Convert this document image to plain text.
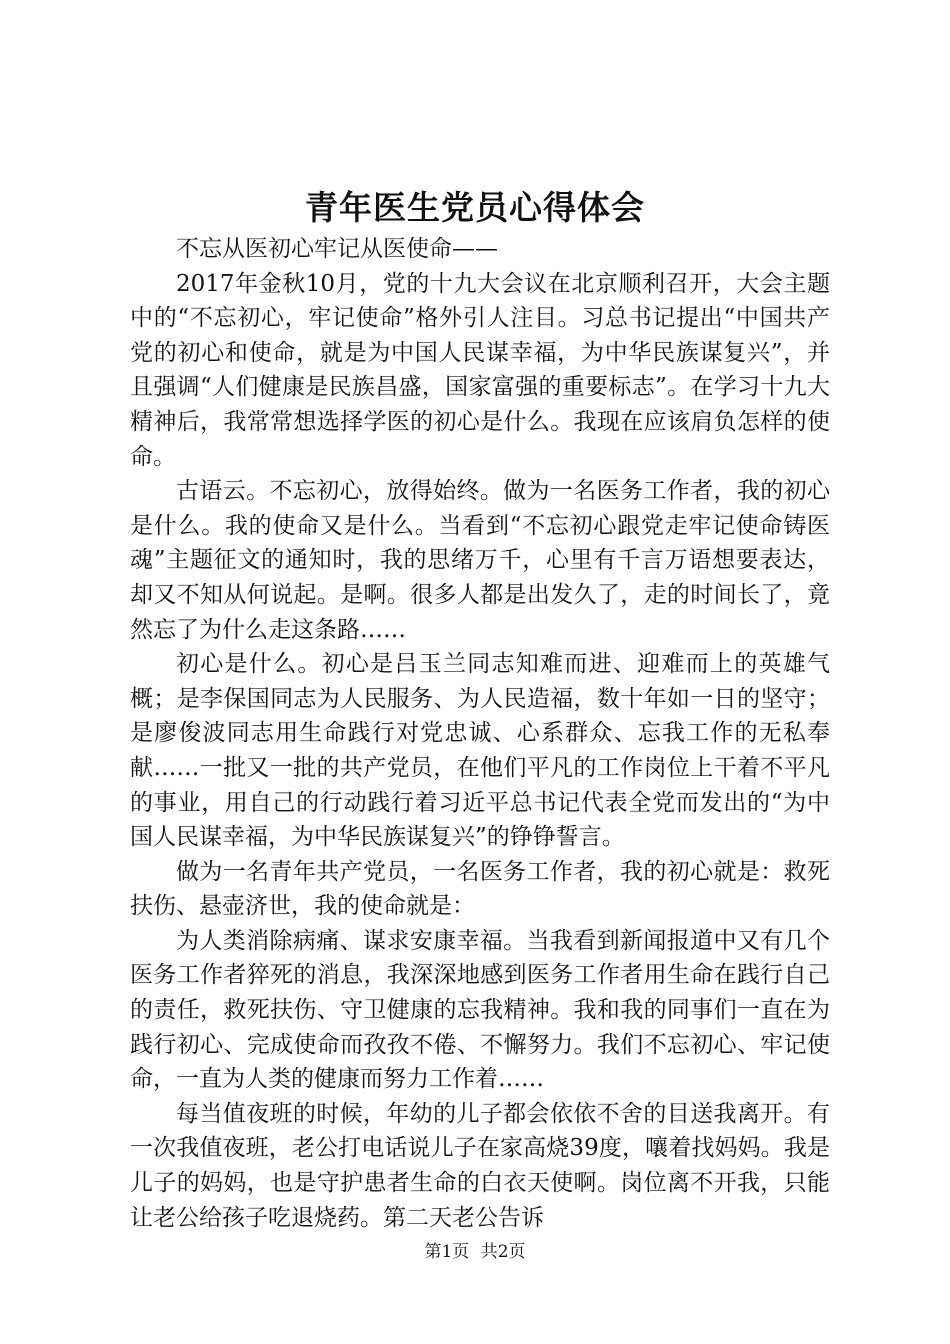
青年医生党员心得体会

不忘从医初心牢记从医使命——

2017年金秋10月，党的十九大会议在北京顺利召开，大会主题中的“不忘初心，牢记使命”格外引人注目。习总书记提出“中国共产党的初心和使命，就是为中国人民谋幸福，为中华民族谋复兴”，并且强调“人们健康是民族昌盛，国家富强的重要标志”。在学习十九大精神后，我常常想选择学医的初心是什么。我现在应该肩负怎样的使命。

古语云。不忘初心，放得始终。做为一名医务工作者，我的初心是什么。我的使命又是什么。当看到“不忘初心跟党走牢记使命铸医魂”主题征文的通知时，我的思绪万千，心里有千言万语想要表达，却又不知从何说起。是啊。很多人都是出发久了，走的时间长了，竟然忘了为什么走这条路……

初心是什么。初心是吕玉兰同志知难而进、迎难而上的英雄气概；是李保国同志为人民服务、为人民造福，数十年如一日的坚守；是廖俊波同志用生命践行对党忠诚、心系群众、忘我工作的无私奉献……一批又一批的共产党员，在他们平凡的工作岗位上干着不平凡的事业，用自己的行动践行着习近平总书记代表全党而发出的“为中国人民谋幸福，为中华民族谋复兴”的铮铮誓言。

做为一名青年共产党员，一名医务工作者，我的初心就是：救死扶伤、悬壶济世，我的使命就是：

为人类消除病痛、谋求安康幸福。当我看到新闻报道中又有几个医务工作者猝死的消息，我深深地感到医务工作者用生命在践行自己的责任，救死扶伤、守卫健康的忘我精神。我和我的同事们一直在为践行初心、完成使命而孜孜不倦、不懈努力。我们不忘初心、牢记使命，一直为人类的健康而努力工作着……

每当值夜班的时候，年幼的儿子都会依依不舍的目送我离开。有一次我值夜班，老公打电话说儿子在家高烧39度，嚷着找妈妈。我是儿子的妈妈，也是守护患者生命的白衣天使啊。岗位离不开我，只能让老公给孩子吃退烧药。第二天老公告诉

第1页 共2页
